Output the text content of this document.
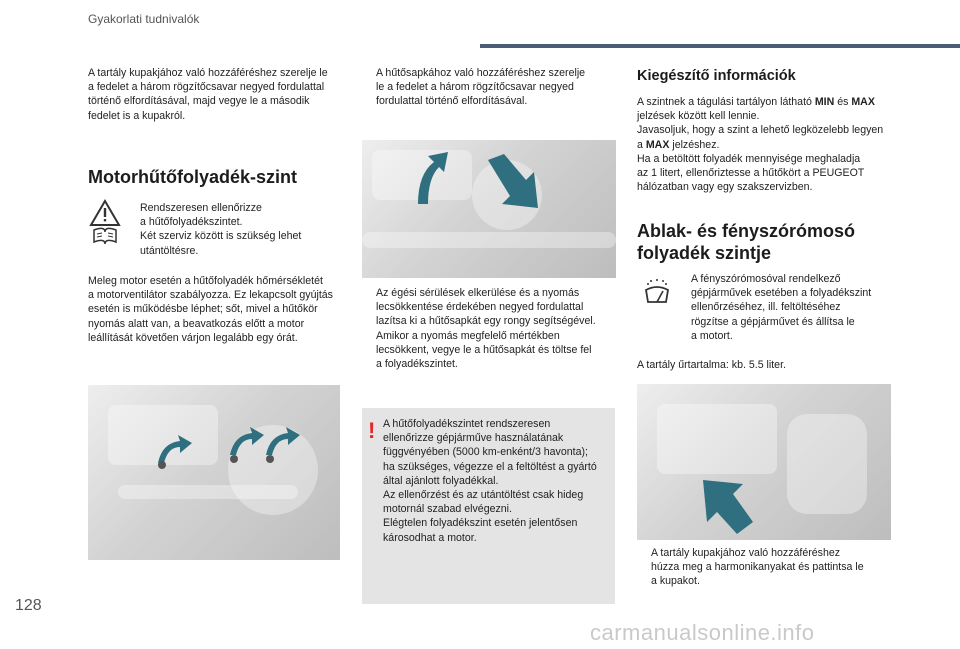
Gyakorlati tudnivalók

A tartály kupakjához való hozzáféréshez szerelje le

a fedelet a három rögzítőcsavar negyed fordulattal

történő elfordításával, majd vegye le a második

fedelet is a kupakról.

Motorhűtőfolyadék-szint

Rendszeresen ellenőrizze

a hűtőfolyadékszintet.

Két szerviz között is szükség lehet

utántöltésre.

Meleg motor esetén a hűtőfolyadék hőmérsékletét

a motorventilátor szabályozza. Ez lekapcsolt gyújtás

esetén is működésbe léphet; sőt, mivel a hűtőkör

nyomás alatt van, a beavatkozás előtt a motor

leállítását követően várjon legalább egy órát.

A hűtősapkához való hozzáféréshez szerelje
le a fedelet a három rögzítőcsavar negyed
fordulattal történő elfordításával.
Az égési sérülések elkerülése és a nyomás
lecsökkentése érdekében negyed fordulattal
lazítsa ki a hűtősapkát egy rongy segítségével.
Amikor a nyomás megfelelő mértékben
lecsökkent, vegye le a hűtősapkát és töltse fel
a folyadékszintet.
! A hűtőfolyadékszintet rendszeresen

ellenőrizze gépjárműve használatának

függvényében (5000 km-enként/3 havonta);

ha szükséges, végezze el a feltöltést a gyártó

által ajánlott folyadékkal.

Az ellenőrzést és az utántöltést csak hideg

motornál szabad elvégezni.

Elégtelen folyadékszint esetén jelentősen

károsodhat a motor.

Kiegészítő információk

A szintnek a tágulási tartályon látható MIN és MAX

jelzések között kell lennie.

Javasoljuk, hogy a szint a lehető legközelebb legyen

a MAX jelzéshez.

Ha a betöltött folyadék mennyisége meghaladja

az 1 litert, ellenőriztesse a hűtőkört a PEUGEOT

hálózatban vagy egy szakszervizben.

Ablak- és fényszórómosó
folyadék szintje

A fényszórómosóval rendelkező

gépjárművek esetében a folyadékszint

ellenőrzéséhez, ill. feltöltéséhez

rögzítse a gépjárművet és állítsa le

a motort.

A tartály űrtartalma: kb. 5.5 liter.

A tartály kupakjához való hozzáféréshez
húzza meg a harmonikanyakat és pattintsa le
a kupakot.
128
carmanualsonline.info
